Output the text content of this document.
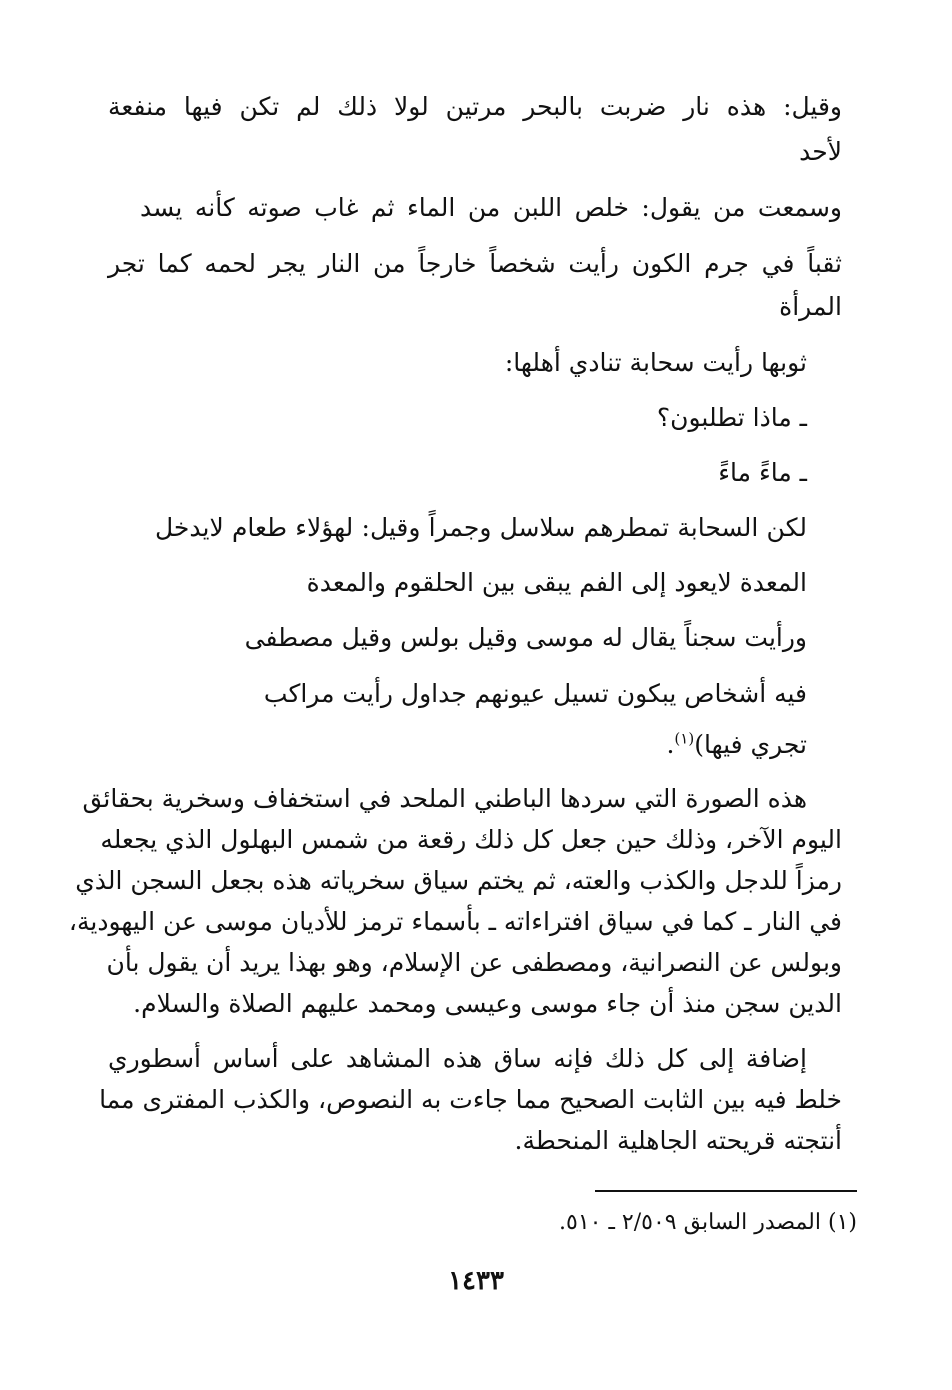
وقيل: هذه نار ضربت بالبحر مرتين لولا ذلك لم تكن فيها منفعة
لأحد
وسمعت من يقول: خلص اللبن من الماء ثم غاب صوته كأنه يسد
ثقباً في جرم الكون رأيت شخصاً خارجاً من النار يجر لحمه كما تجر
المرأة
ثوبها رأيت سحابة تنادي أهلها:
ـ ماذا تطلبون؟
ـ ماءً ماءً
لكن السحابة تمطرهم سلاسل وجمراً وقيل: لهؤلاء طعام لايدخل
المعدة لايعود إلى الفم يبقى بين الحلقوم والمعدة
ورأيت سجناً يقال له موسى وقيل بولس وقيل مصطفى
فيه أشخاص يبكون تسيل عيونهم جداول رأيت مراكب
تجري فيها)$^{(١)}$.
هذه الصورة التي سردها الباطني الملحد في استخفاف وسخرية بحقائق
اليوم الآخر، وذلك حين جعل كل ذلك رقعة من شمس البهلول الذي يجعله
رمزاً للدجل والكذب والعته، ثم يختم سياق سخرياته هذه بجعل السجن الذي
في النار ـ كما في سياق افتراءاته ـ بأسماء ترمز للأديان موسى عن اليهودية،
وبولس عن النصرانية، ومصطفى عن الإسلام، وهو بهذا يريد أن يقول بأن
الدين سجن منذ أن جاء موسى وعيسى ومحمد عليهم الصلاة والسلام.
إضافة إلى كل ذلك فإنه ساق هذه المشاهد على أساس أسطوري
خلط فيه بين الثابت الصحيح مما جاءت به النصوص، والكذب المفترى مما
أنتجته قريحته الجاهلية المنحطة.
(١) المصدر السابق ٢/٥٠٩ ـ ٥١٠.
١٤٣٣
